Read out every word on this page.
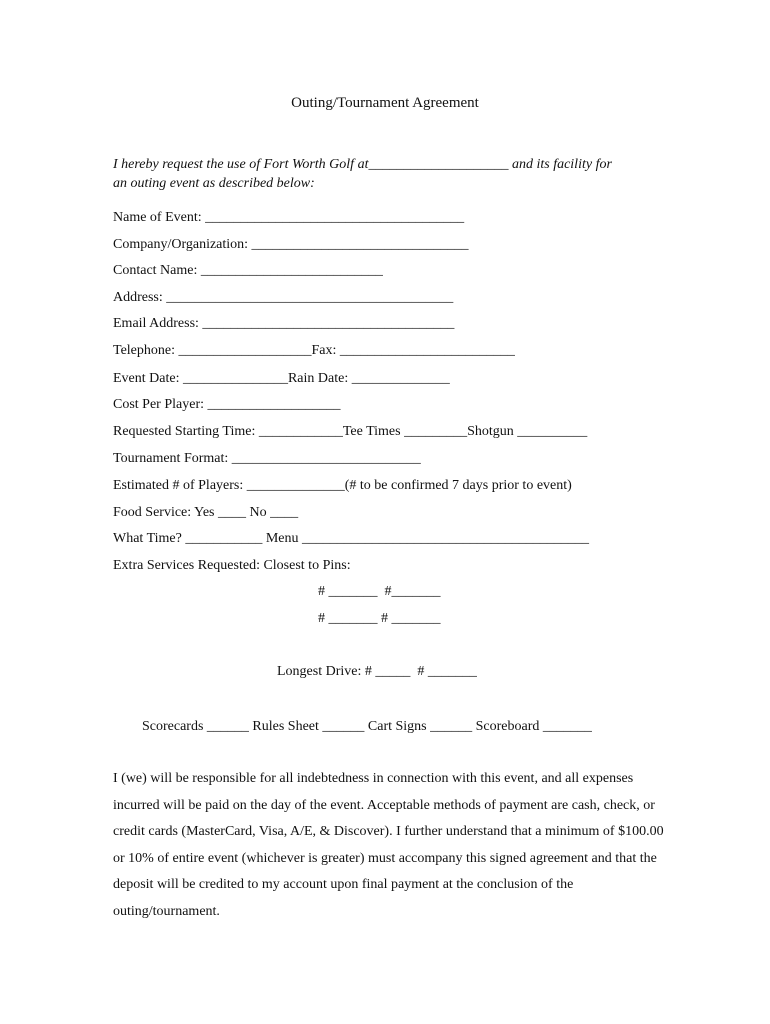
Outing/Tournament Agreement
I hereby request the use of Fort Worth Golf at____________________ and its facility for
an outing event as described below:
Name of Event: _____________________________________
Company/Organization: _______________________________
Contact Name: __________________________
Address: _________________________________________
Email Address: ____________________________________
Telephone: ___________________Fax: _________________________
Event Date: _______________Rain Date: ______________
Cost Per Player: ___________________
Requested Starting Time: ____________Tee Times _________Shotgun __________
Tournament Format: ___________________________
Estimated # of Players: ______________(# to be confirmed 7 days prior to event)
Food Service: Yes ____ No ____
What Time? ___________ Menu _________________________________________
Extra Services Requested: Closest to Pins:
# _______  #_______
# _______ # _______
Longest Drive: # _____  # _______
Scorecards ______ Rules Sheet ______ Cart Signs ______ Scoreboard _______
I (we) will be responsible for all indebtedness in connection with this event, and all expenses incurred will be paid on the day of the event. Acceptable methods of payment are cash, check, or credit cards (MasterCard, Visa, A/E, & Discover). I further understand that a minimum of $100.00 or 10% of entire event (whichever is greater) must accompany this signed agreement and that the deposit will be credited to my account upon final payment at the conclusion of the outing/tournament.
